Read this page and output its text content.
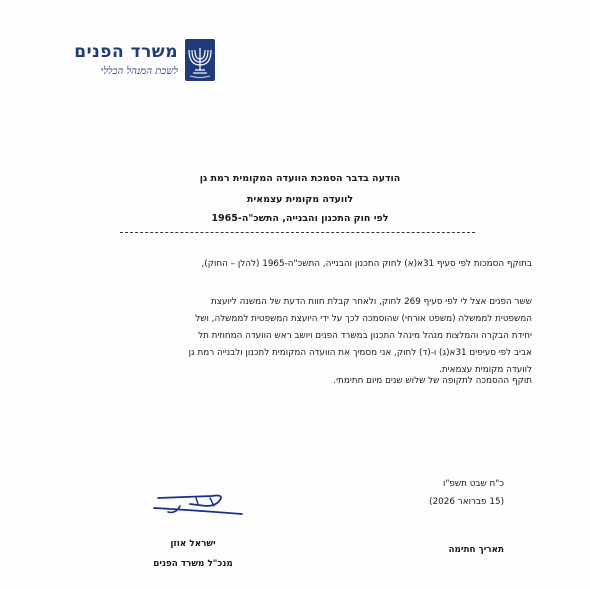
משרד הפנים
לשכת המנהל הכללי
הודעה בדבר הסמכת הוועדה המקומית רמת גן
לוועדה מקומית עצמאית
לפי חוק התכנון והבנייה, התשכ"ה-1965
בתוקף הסמכות לפי סעיף 31א(א) לחוק התכנון והבנייה, התשכ"ה-1965 (להלן – החוק),
ששר הפנים אצל לי לפי סעיף 269 לחוק, ולאחר קבלת חוות הדעת של המשנה ליועצת
המשפטית לממשלה (משפט אורחי) שהוסמכה לכך על ידי היועצת המשפטית לממשלה, ושל
יחידת הבקרה והמלצות מנהל מינהל התכנון במשרד הפנים ויושב ראש הוועדה המחוזית תל
אביב לפי סעיפים 31א(ג) ו-(ד) לחוק, אני מסמיך את הוועדה המקומית לתכנון ולבנייה רמת גן
לוועדה מקומית עצמאית.
תוקף ההסמכה לתקופה של שלוש שנים מיום חתימתי.
כ"ח שבט תשפ"ו
(15 פברואר 2026)
תאריך חתימה
ישראל אוזן
מנכ"ל משרד הפנים
